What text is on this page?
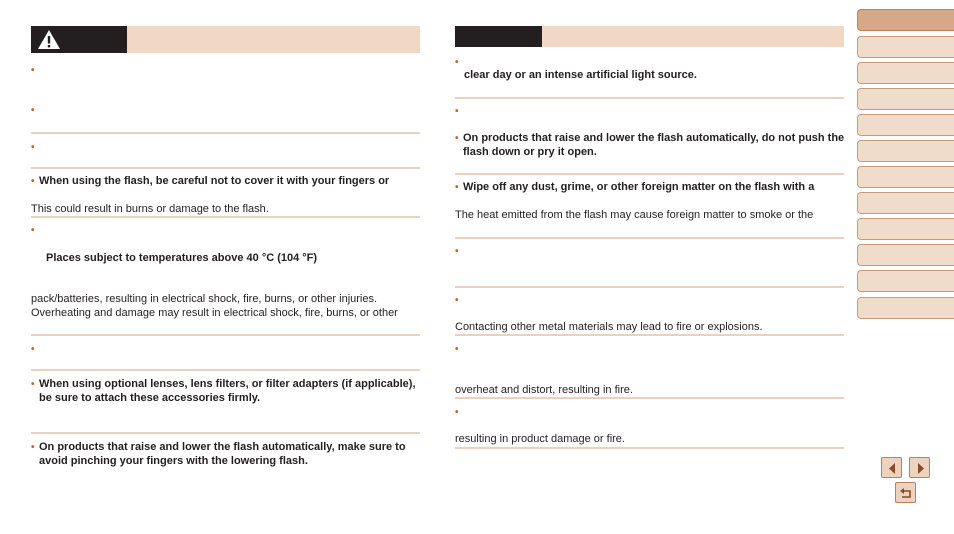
•
•
•
• When using the flash, be careful not to cover it with your fingers or
This could result in burns or damage to the flash.
•
Places subject to temperatures above 40 °C (104 °F)
pack/batteries, resulting in electrical shock, fire, burns, or other injuries.
Overheating and damage may result in electrical shock, fire, burns, or other
•
• When using optional lenses, lens filters, or filter adapters (if applicable), be sure to attach these accessories firmly.
• On products that raise and lower the flash automatically, make sure to avoid pinching your fingers with the lowering flash.
•
clear day or an intense artificial light source.
•
• On products that raise and lower the flash automatically, do not push the flash down or pry it open.
• Wipe off any dust, grime, or other foreign matter on the flash with a
The heat emitted from the flash may cause foreign matter to smoke or the
•
•
Contacting other metal materials may lead to fire or explosions.
•
overheat and distort, resulting in fire.
•
resulting in product damage or fire.
